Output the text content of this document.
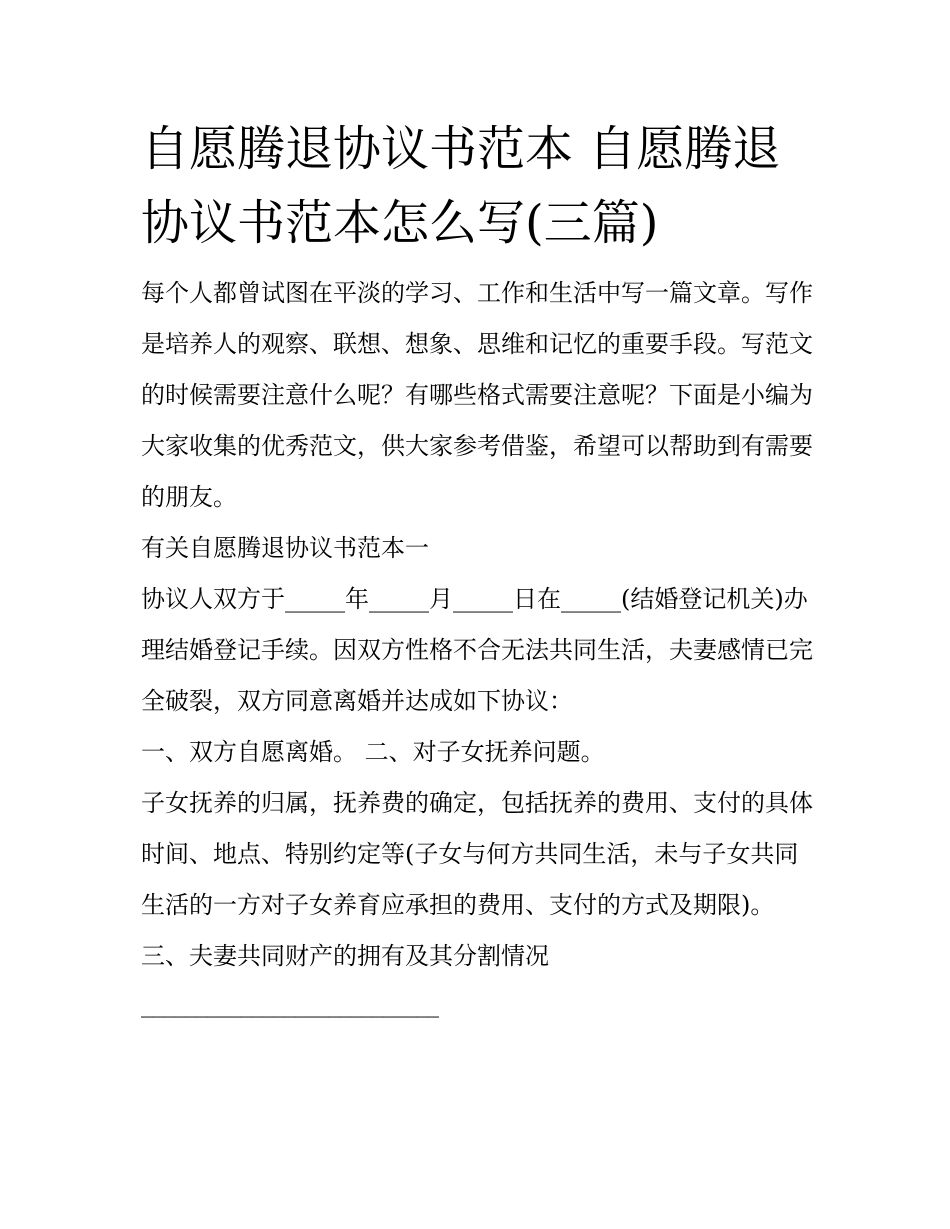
自愿腾退协议书范本 自愿腾退
协议书范本怎么写(三篇)

每个人都曾试图在平淡的学习、工作和生活中写一篇文章。写作是培养人的观察、联想、想象、思维和记忆的重要手段。写范文的时候需要注意什么呢？有哪些格式需要注意呢？下面是小编为大家收集的优秀范文，供大家参考借鉴，希望可以帮助到有需要的朋友。

有关自愿腾退协议书范本一

协议人双方于_____年_____月_____日在_____(结婚登记机关)办理结婚登记手续。因双方性格不合无法共同生活，夫妻感情已完全破裂，双方同意离婚并达成如下协议：

一、双方自愿离婚。 二、对子女抚养问题。

子女抚养的归属，抚养费的确定，包括抚养的费用、支付的具体时间、地点、特别约定等(子女与何方共同生活，未与子女共同生活的一方对子女养育应承担的费用、支付的方式及期限)。

三、夫妻共同财产的拥有及其分割情况

___________________________
